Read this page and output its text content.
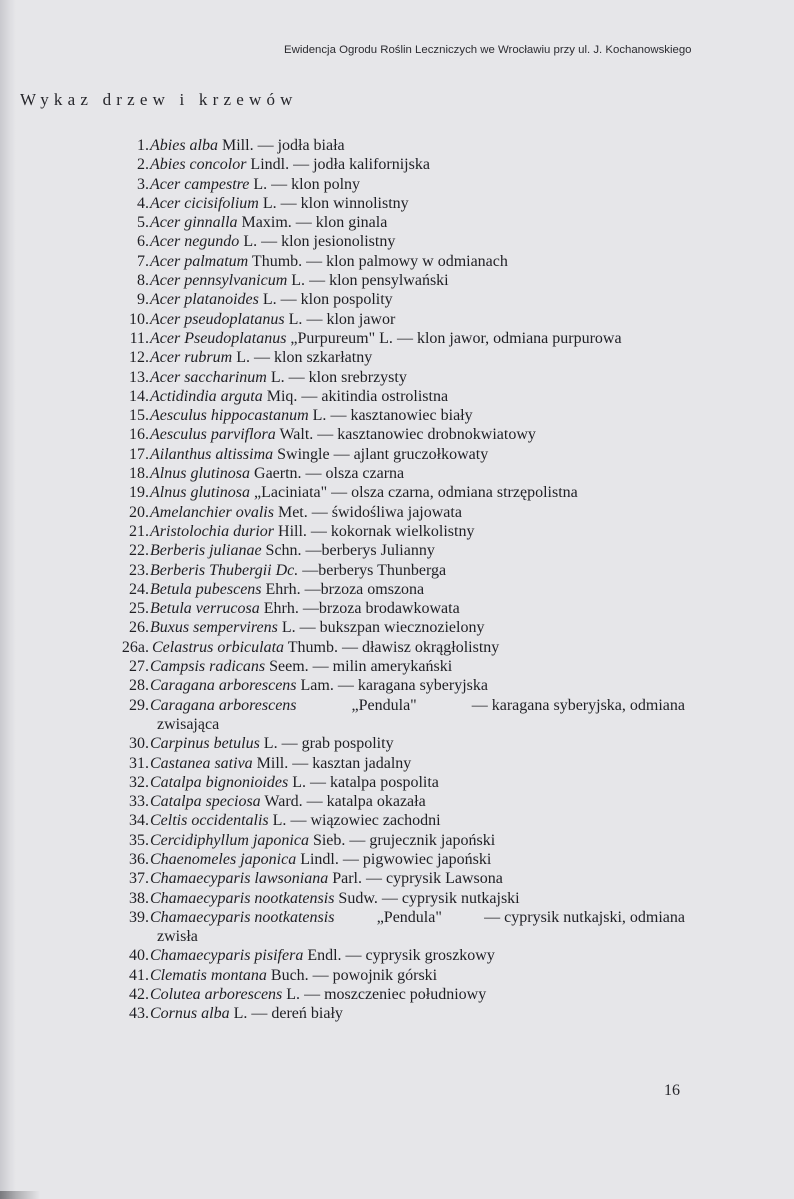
Ewidencja Ogrodu Roślin Leczniczych we Wrocławiu przy ul. J. Kochanowskiego
Wykaz drzew i krzewów
1. Abies alba Mill. — jodła biała
2. Abies concolor Lindl. — jodła kalifornijska
3. Acer campestre L. — klon polny
4. Acer cicisifolium L. — klon winnolistny
5. Acer ginnalla Maxim. — klon ginala
6. Acer negundo L. — klon jesionolistny
7. Acer palmatum Thumb. — klon palmowy w odmianach
8. Acer pennsylvanicum L. — klon pensylwański
9. Acer platanoides L. — klon pospolity
10. Acer pseudoplatanus L. — klon jawor
11. Acer Pseudoplatanus „Purpureum" L. — klon jawor, odmiana purpurowa
12. Acer rubrum L. — klon szkarłatny
13. Acer saccharinum L. — klon srebrzysty
14. Actidindia arguta Miq. — akitindia ostrolistna
15. Aesculus hippocastanum L. — kasztanowiec biały
16. Aesculus parviflora Walt. — kasztanowiec drobnokwiatowy
17. Ailanthus altissima Swingle — ajlant gruczołkowaty
18. Alnus glutinosa Gaertn. — olsza czarna
19. Alnus glutinosa „Laciniata" — olsza czarna, odmiana strzępolistna
20. Amelanchier ovalis Met. — świdośliwa jajowata
21. Aristolochia durior Hill. — kokornak wielkolistny
22. Berberis julianae Schn. —berberys Julianny
23. Berberis Thubergii Dc. —berberys Thunberga
24. Betula pubescens Ehrh. —brzoza omszona
25. Betula verrucosa Ehrh. —brzoza brodawkowata
26. Buxus sempervirens L. — bukszpan wiecznozielony
26a. Celastrus orbiculata Thumb. — dławisz okrągłolistny
27. Campsis radicans Seem. — milin amerykański
28. Caragana arborescens Lam. — karagana syberyjska
29. Caragana arborescens	„Pendula"	— karagana syberyjska, odmiana
zwisająca
30. Carpinus betulus L. — grab pospolity
31. Castanea sativa Mill. — kasztan jadalny
32. Catalpa bignonioides L. — katalpa pospolita
33. Catalpa speciosa Ward. — katalpa okazała
34. Celtis occidentalis L. — wiązowiec zachodni
35. Cercidiphyllum japonica Sieb. — grujecznik japoński
36. Chaenomeles japonica Lindl. — pigwowiec japoński
37. Chamaecyparis lawsoniana Parl. — cyprysik Lawsona
38. Chamaecyparis nootkatensis Sudw. — cyprysik nutkajski
39. Chamaecyparis nootkatensis	„Pendula"	— cyprysik nutkajski, odmiana
zwisła
40. Chamaecyparis pisifera Endl. — cyprysik groszkowy
41. Clematis montana Buch. — powojnik górski
42. Colutea arborescens L. — moszczeniec południowy
43. Cornus alba L. — dereń biały
16
